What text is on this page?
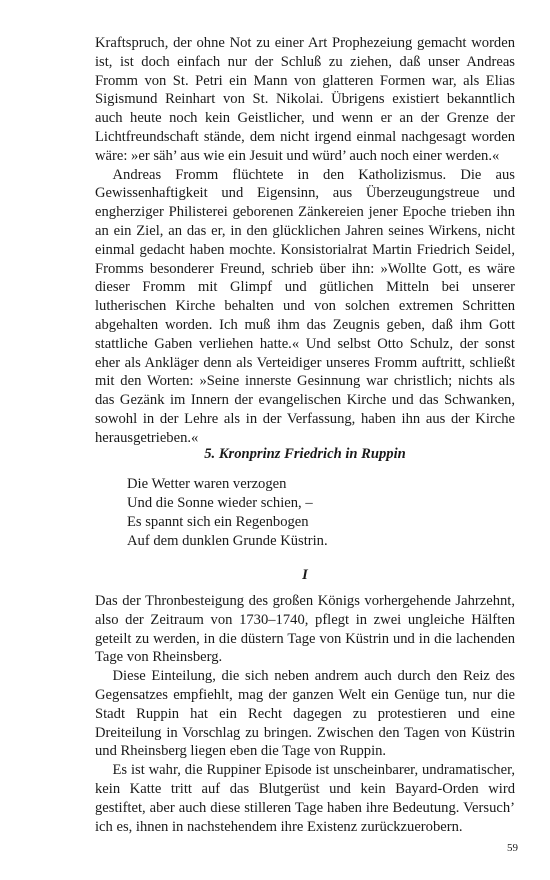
Kraftspruch, der ohne Not zu einer Art Prophezeiung gemacht worden ist, ist doch einfach nur der Schluß zu ziehen, daß unser Andreas Fromm von St. Petri ein Mann von glatteren Formen war, als Elias Sigismund Reinhart von St. Nikolai. Übrigens existiert bekanntlich auch heute noch kein Geistlicher, und wenn er an der Grenze der Lichtfreundschaft stände, dem nicht irgend einmal nachgesagt worden wäre: »er säh’ aus wie ein Jesuit und würd’ auch noch einer werden.«

Andreas Fromm flüchtete in den Katholizismus. Die aus Gewissenhaftigkeit und Eigensinn, aus Überzeugungstreue und engherziger Philisterei geborenen Zänkereien jener Epoche trieben ihn an ein Ziel, an das er, in den glücklichen Jahren seines Wirkens, nicht einmal gedacht haben mochte. Konsistorialrat Martin Friedrich Seidel, Fromms besonderer Freund, schrieb über ihn: »Wollte Gott, es wäre dieser Fromm mit Glimpf und gütlichen Mitteln bei unserer lutherischen Kirche behalten und von solchen extremen Schritten abgehalten worden. Ich muß ihm das Zeugnis geben, daß ihm Gott stattliche Gaben verliehen hatte.« Und selbst Otto Schulz, der sonst eher als Ankläger denn als Verteidiger unseres Fromm auftritt, schließt mit den Worten: »Seine innerste Gesinnung war christlich; nichts als das Gezänk im Innern der evangelischen Kirche und das Schwanken, sowohl in der Lehre als in der Verfassung, haben ihn aus der Kirche herausgetrieben.«

5. Kronprinz Friedrich in Ruppin
Die Wetter waren verzogen
Und die Sonne wieder schien, –
Es spannt sich ein Regenbogen
Auf dem dunklen Grunde Küstrin.
I

Das der Thronbesteigung des großen Königs vorhergehende Jahrzehnt, also der Zeitraum von 1730–1740, pflegt in zwei ungleiche Hälften geteilt zu werden, in die düstern Tage von Küstrin und in die lachenden Tage von Rheinsberg.

Diese Einteilung, die sich neben andrem auch durch den Reiz des Gegensatzes empfiehlt, mag der ganzen Welt ein Genüge tun, nur die Stadt Ruppin hat ein Recht dagegen zu protestieren und eine Dreiteilung in Vorschlag zu bringen. Zwischen den Tagen von Küstrin und Rheinsberg liegen eben die Tage von Ruppin.

Es ist wahr, die Ruppiner Episode ist unscheinbarer, undramatischer, kein Katte tritt auf das Blutgerüst und kein Bayard-Orden wird gestiftet, aber auch diese stilleren Tage haben ihre Bedeutung. Versuch’ ich es, ihnen in nachstehendem ihre Existenz zurückzuerobern.

59
